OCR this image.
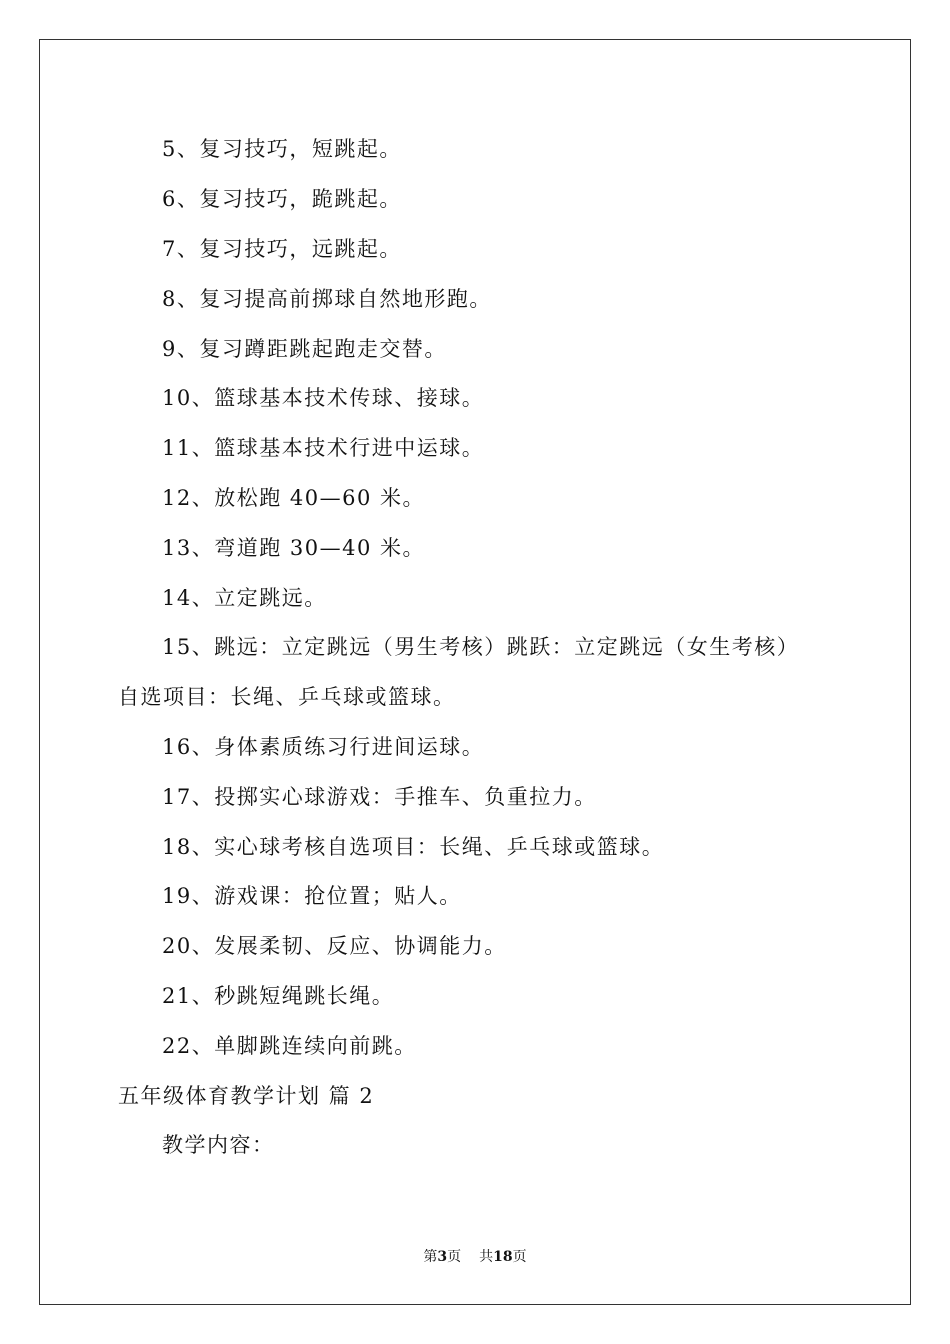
5、复习技巧，短跳起。
6、复习技巧，跪跳起。
7、复习技巧，远跳起。
8、复习提高前掷球自然地形跑。
9、复习蹲距跳起跑走交替。
10、篮球基本技术传球、接球。
11、篮球基本技术行进中运球。
12、放松跑 40—60 米。
13、弯道跑 30—40 米。
14、立定跳远。
15、跳远：立定跳远（男生考核）跳跃：立定跳远（女生考核）
自选项目：长绳、乒乓球或篮球。
16、身体素质练习行进间运球。
17、投掷实心球游戏：手推车、负重拉力。
18、实心球考核自选项目：长绳、乒乓球或篮球。
19、游戏课：抢位置；贴人。
20、发展柔韧、反应、协调能力。
21、秒跳短绳跳长绳。
22、单脚跳连续向前跳。
五年级体育教学计划 篇 2
教学内容：
第3页 共18页
